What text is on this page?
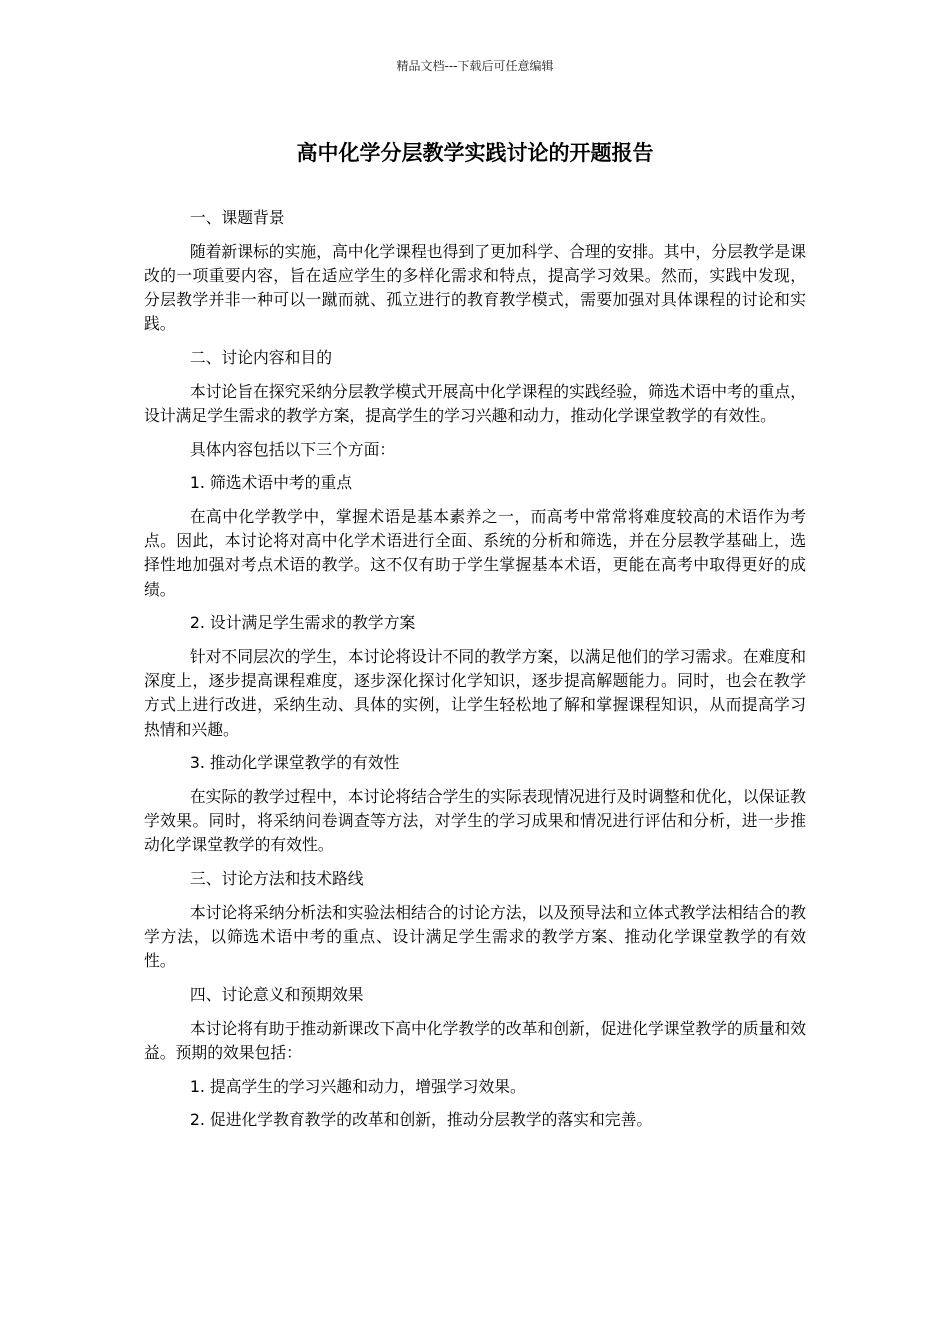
精品文档---下载后可任意编辑
高中化学分层教学实践讨论的开题报告

一、课题背景

随着新课标的实施，高中化学课程也得到了更加科学、合理的安排。其中，分层教学是课改的一项重要内容，旨在适应学生的多样化需求和特点，提高学习效果。然而，实践中发现，分层教学并非一种可以一蹴而就、孤立进行的教育教学模式，需要加强对具体课程的讨论和实践。

二、讨论内容和目的

本讨论旨在探究采纳分层教学模式开展高中化学课程的实践经验，筛选术语中考的重点，设计满足学生需求的教学方案，提高学生的学习兴趣和动力，推动化学课堂教学的有效性。

具体内容包括以下三个方面：

1. 筛选术语中考的重点

在高中化学教学中，掌握术语是基本素养之一，而高考中常常将难度较高的术语作为考点。因此，本讨论将对高中化学术语进行全面、系统的分析和筛选，并在分层教学基础上，选择性地加强对考点术语的教学。这不仅有助于学生掌握基本术语，更能在高考中取得更好的成绩。

2. 设计满足学生需求的教学方案

针对不同层次的学生，本讨论将设计不同的教学方案，以满足他们的学习需求。在难度和深度上，逐步提高课程难度，逐步深化探讨化学知识，逐步提高解题能力。同时，也会在教学方式上进行改进，采纳生动、具体的实例，让学生轻松地了解和掌握课程知识，从而提高学习热情和兴趣。

3. 推动化学课堂教学的有效性

在实际的教学过程中，本讨论将结合学生的实际表现情况进行及时调整和优化，以保证教学效果。同时，将采纳问卷调查等方法，对学生的学习成果和情况进行评估和分析，进一步推动化学课堂教学的有效性。

三、讨论方法和技术路线

本讨论将采纳分析法和实验法相结合的讨论方法，以及预导法和立体式教学法相结合的教学方法，以筛选术语中考的重点、设计满足学生需求的教学方案、推动化学课堂教学的有效性。

四、讨论意义和预期效果

本讨论将有助于推动新课改下高中化学教学的改革和创新，促进化学课堂教学的质量和效益。预期的效果包括：

1. 提高学生的学习兴趣和动力，增强学习效果。

2. 促进化学教育教学的改革和创新，推动分层教学的落实和完善。
